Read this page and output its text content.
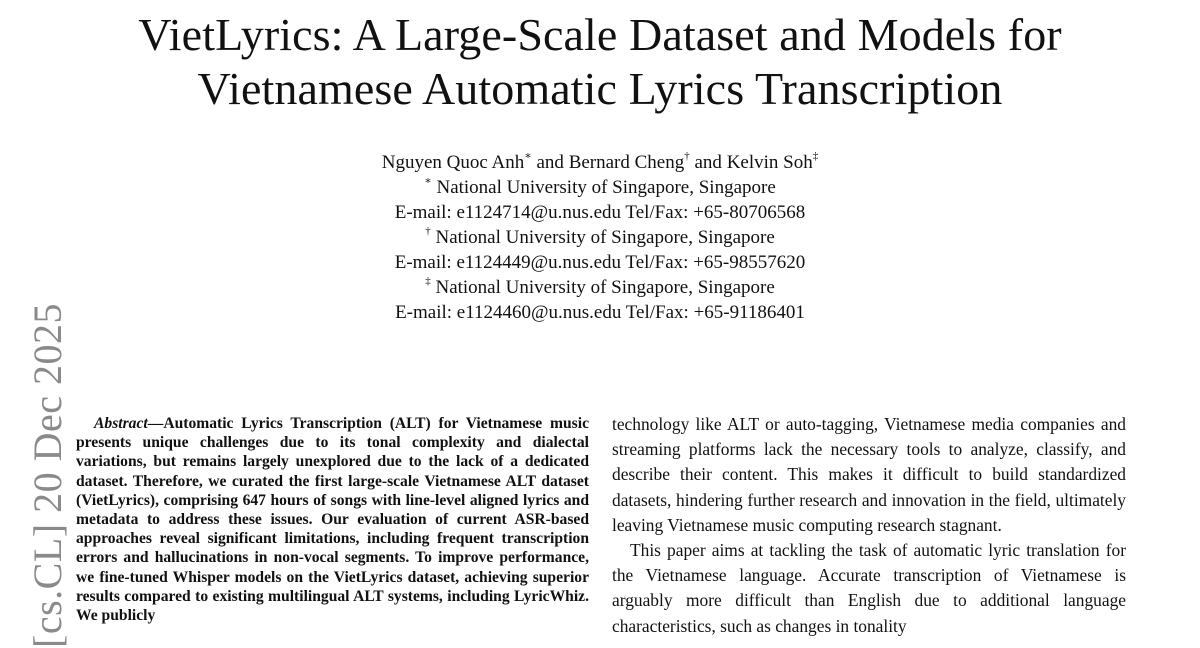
VietLyrics: A Large-Scale Dataset and Models for
Vietnamese Automatic Lyrics Transcription
Nguyen Quoc Anh∗ and Bernard Cheng† and Kelvin Soh‡
∗ National University of Singapore, Singapore
E-mail: e1124714@u.nus.edu Tel/Fax: +65-80706568
† National University of Singapore, Singapore
E-mail: e1124449@u.nus.edu Tel/Fax: +65-98557620
‡ National University of Singapore, Singapore
E-mail: e1124460@u.nus.edu Tel/Fax: +65-91186401
[cs.CL] 20 Dec 2025	Abstract—Automatic Lyrics Transcription (ALT) for Vietnamese music presents unique challenges due to its tonal complexity and dialectal variations, but remains largely unexplored due to the lack of a dedicated dataset. Therefore, we curated the first large-scale Vietnamese ALT dataset (VietLyrics), comprising 647 hours of songs with line-level aligned lyrics and metadata to address these issues. Our evaluation of current ASR-based approaches reveal significant limitations, including frequent transcription errors and hallucinations in non-vocal segments. To improve performance, we fine-tuned Whisper models on the VietLyrics dataset, achieving superior results compared to existing multilingual ALT systems, including LyricWhiz. We publicly

technology like ALT or auto-tagging, Vietnamese media companies and streaming platforms lack the necessary tools to analyze, classify, and describe their content. This makes it difficult to build standardized datasets, hindering further research and innovation in the field, ultimately leaving Vietnamese music computing research stagnant.

This paper aims at tackling the task of automatic lyric translation for the Vietnamese language. Accurate transcription of Vietnamese is arguably more difficult than English due to additional language characteristics, such as changes in tonality
